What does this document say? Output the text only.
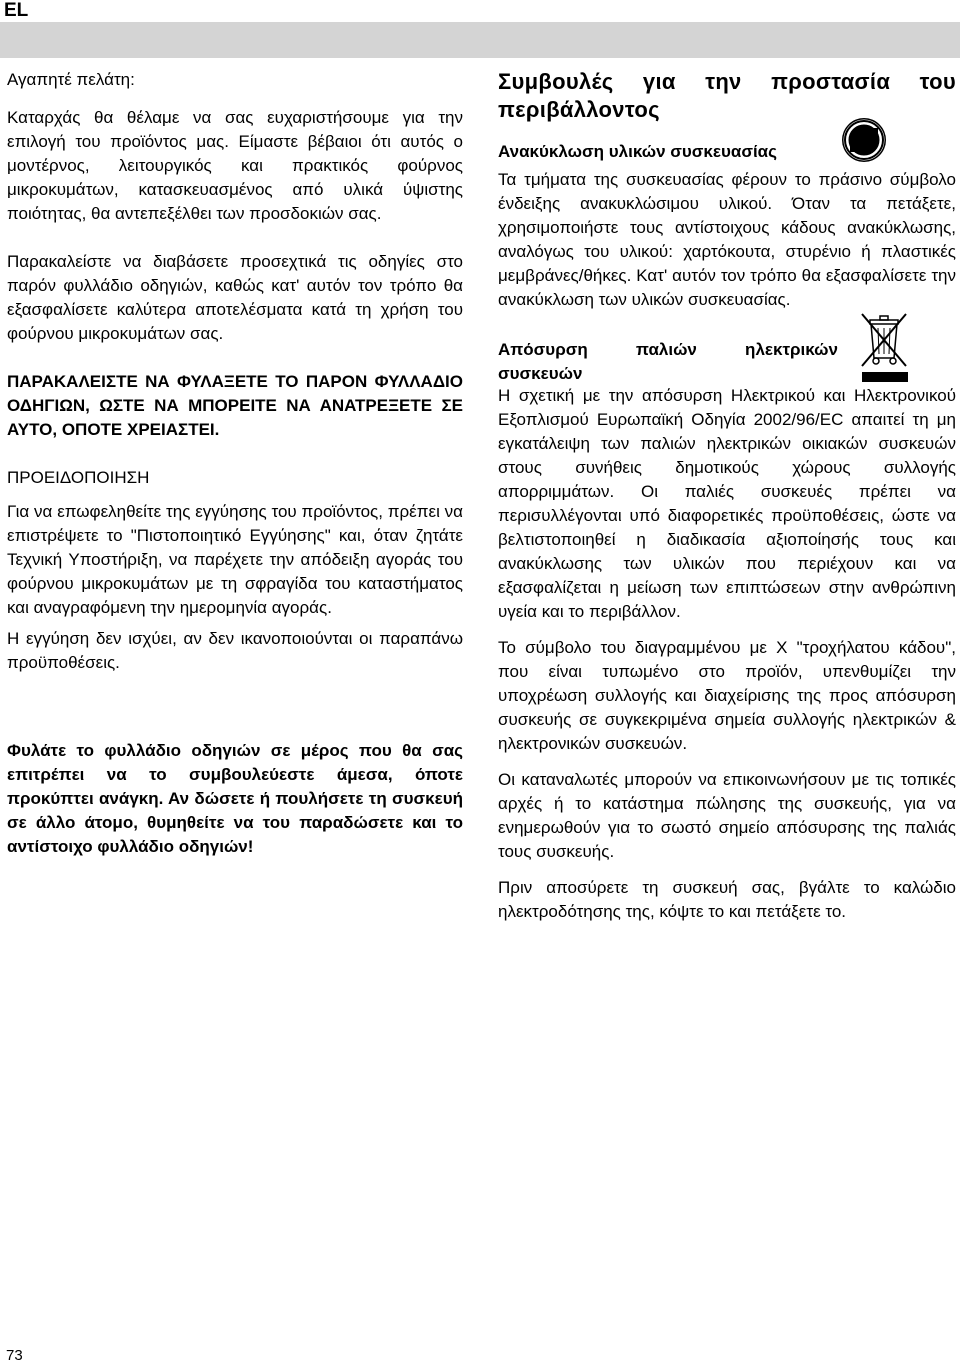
EL

Αγαπητέ πελάτη:

Καταρχάς θα θέλαμε να σας ευχαριστήσουμε για την επιλογή του προϊόντος μας. Είμαστε βέβαιοι ότι αυτός ο μοντέρνος, λειτουργικός και πρακτικός φούρνος μικροκυμάτων, κατασκευασμένος από υλικά ύψιστης ποιότητας, θα αντεπεξέλθει των προσδοκιών σας.

Παρακαλείστε να διαβάσετε προσεχτικά τις οδηγίες στο παρόν φυλλάδιο οδηγιών, καθώς κατ' αυτόν τον τρόπο θα εξασφαλίσετε καλύτερα αποτελέσματα κατά τη χρήση του φούρνου μικροκυμάτων σας.

ΠΑΡΑΚΑΛΕΙΣΤΕ ΝΑ ΦΥΛΑΞΕΤΕ ΤΟ ΠΑΡΟΝ ΦΥΛΛΑΔΙΟ ΟΔΗΓΙΩΝ, ΩΣΤΕ ΝΑ ΜΠΟΡΕΙΤΕ ΝΑ ΑΝΑΤΡΕΞΕΤΕ ΣΕ ΑΥΤΟ, ΟΠΟΤΕ ΧΡΕΙΑΣΤΕΙ.

ΠΡΟΕΙΔΟΠΟΙΗΣΗ

Για να επωφεληθείτε της εγγύησης του προϊόντος, πρέπει να επιστρέψετε το "Πιστοποιητικό Εγγύησης" και, όταν ζητάτε Τεχνική Υποστήριξη, να παρέχετε την απόδειξη αγοράς του φούρνου μικροκυμάτων με τη σφραγίδα του καταστήματος και αναγραφόμενη την ημερομηνία αγοράς.

Η εγγύηση δεν ισχύει, αν δεν ικανοποιούνται οι παραπάνω προϋποθέσεις.

Φυλάτε το φυλλάδιο οδηγιών σε μέρος που θα σας επιτρέπει να το συμβουλεύεστε άμεσα, όποτε προκύπτει ανάγκη. Αν δώσετε ή πουλήσετε τη συσκευή σε άλλο άτομο, θυμηθείτε να του παραδώσετε και το αντίστοιχο φυλλάδιο οδηγιών!

Συμβουλές για την προστασία του περιβάλλοντος

Ανακύκλωση υλικών συσκευασίας

Τα τμήματα της συσκευασίας φέρουν το πράσινο σύμβολο ένδειξης ανακυκλώσιμου υλικού. Όταν τα πετάξετε, χρησιμοποιήστε τους αντίστοιχους κάδους ανακύκλωσης, αναλόγως του υλικού: χαρτόκουτα, στυρένιο ή πλαστικές μεμβράνες/θήκες. Κατ' αυτόν τον τρόπο θα εξασφαλίσετε την ανακύκλωση των υλικών συσκευασίας.

Απόσυρση παλιών ηλεκτρικών συσκευών

Η σχετική με την απόσυρση Ηλεκτρικού και Ηλεκτρονικού Εξοπλισμού Ευρωπαϊκή Οδηγία 2002/96/EC απαιτεί τη μη εγκατάλειψη των παλιών ηλεκτρικών οικιακών συσκευών στους συνήθεις δημοτικούς χώρους συλλογής απορριμμάτων. Οι παλιές συσκευές πρέπει να περισυλλέγονται υπό διαφορετικές προϋποθέσεις, ώστε να βελτιστοποιηθεί η διαδικασία αξιοποίησής τους και ανακύκλωσης των υλικών που περιέχουν και να εξασφαλίζεται η μείωση των επιπτώσεων στην ανθρώπινη υγεία και το περιβάλλον.

Το σύμβολο του διαγραμμένου με Χ "τροχήλατου κάδου", που είναι τυπωμένο στο προϊόν, υπενθυμίζει την υποχρέωση συλλογής και διαχείρισης της προς απόσυρση συσκευής σε συγκεκριμένα σημεία συλλογής ηλεκτρικών & ηλεκτρονικών συσκευών.

Οι καταναλωτές μπορούν να επικοινωνήσουν με τις τοπικές αρχές ή το κατάστημα πώλησης της συσκευής, για να ενημερωθούν για το σωστό σημείο απόσυρσης της παλιάς τους συσκευής.

Πριν αποσύρετε τη συσκευή σας, βγάλτε το καλώδιο ηλεκτροδότησης της, κόψτε το και πετάξετε το.

73
